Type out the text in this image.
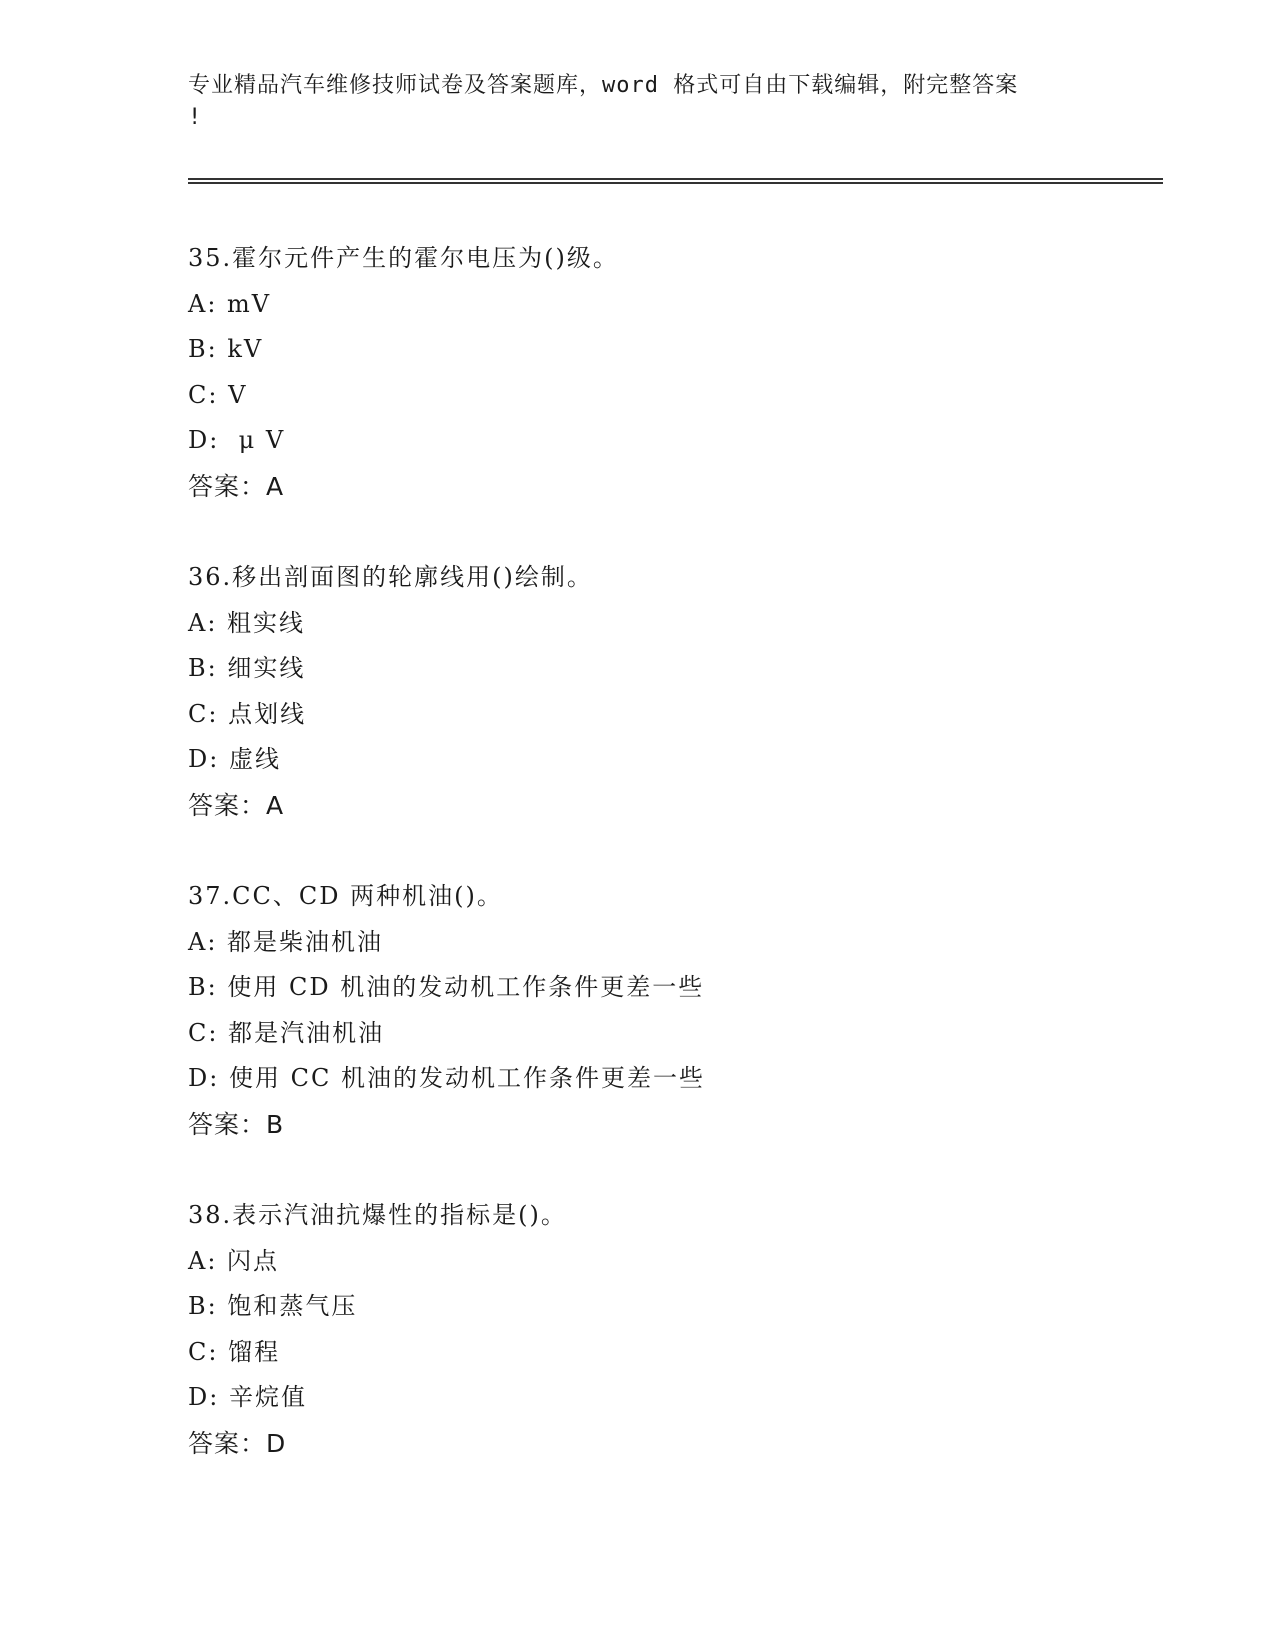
专业精品汽车维修技师试卷及答案题库，word 格式可自由下载编辑，附完整答案
!
35.霍尔元件产生的霍尔电压为()级。
A: mV
B: kV
C: V
D:  μ V
答案：A
36.移出剖面图的轮廓线用()绘制。
A: 粗实线
B: 细实线
C: 点划线
D: 虚线
答案：A
37.CC、CD 两种机油()。
A: 都是柴油机油
B: 使用 CD 机油的发动机工作条件更差一些
C: 都是汽油机油
D: 使用 CC 机油的发动机工作条件更差一些
答案：B
38.表示汽油抗爆性的指标是()。
A: 闪点
B: 饱和蒸气压
C: 馏程
D: 辛烷值
答案：D
